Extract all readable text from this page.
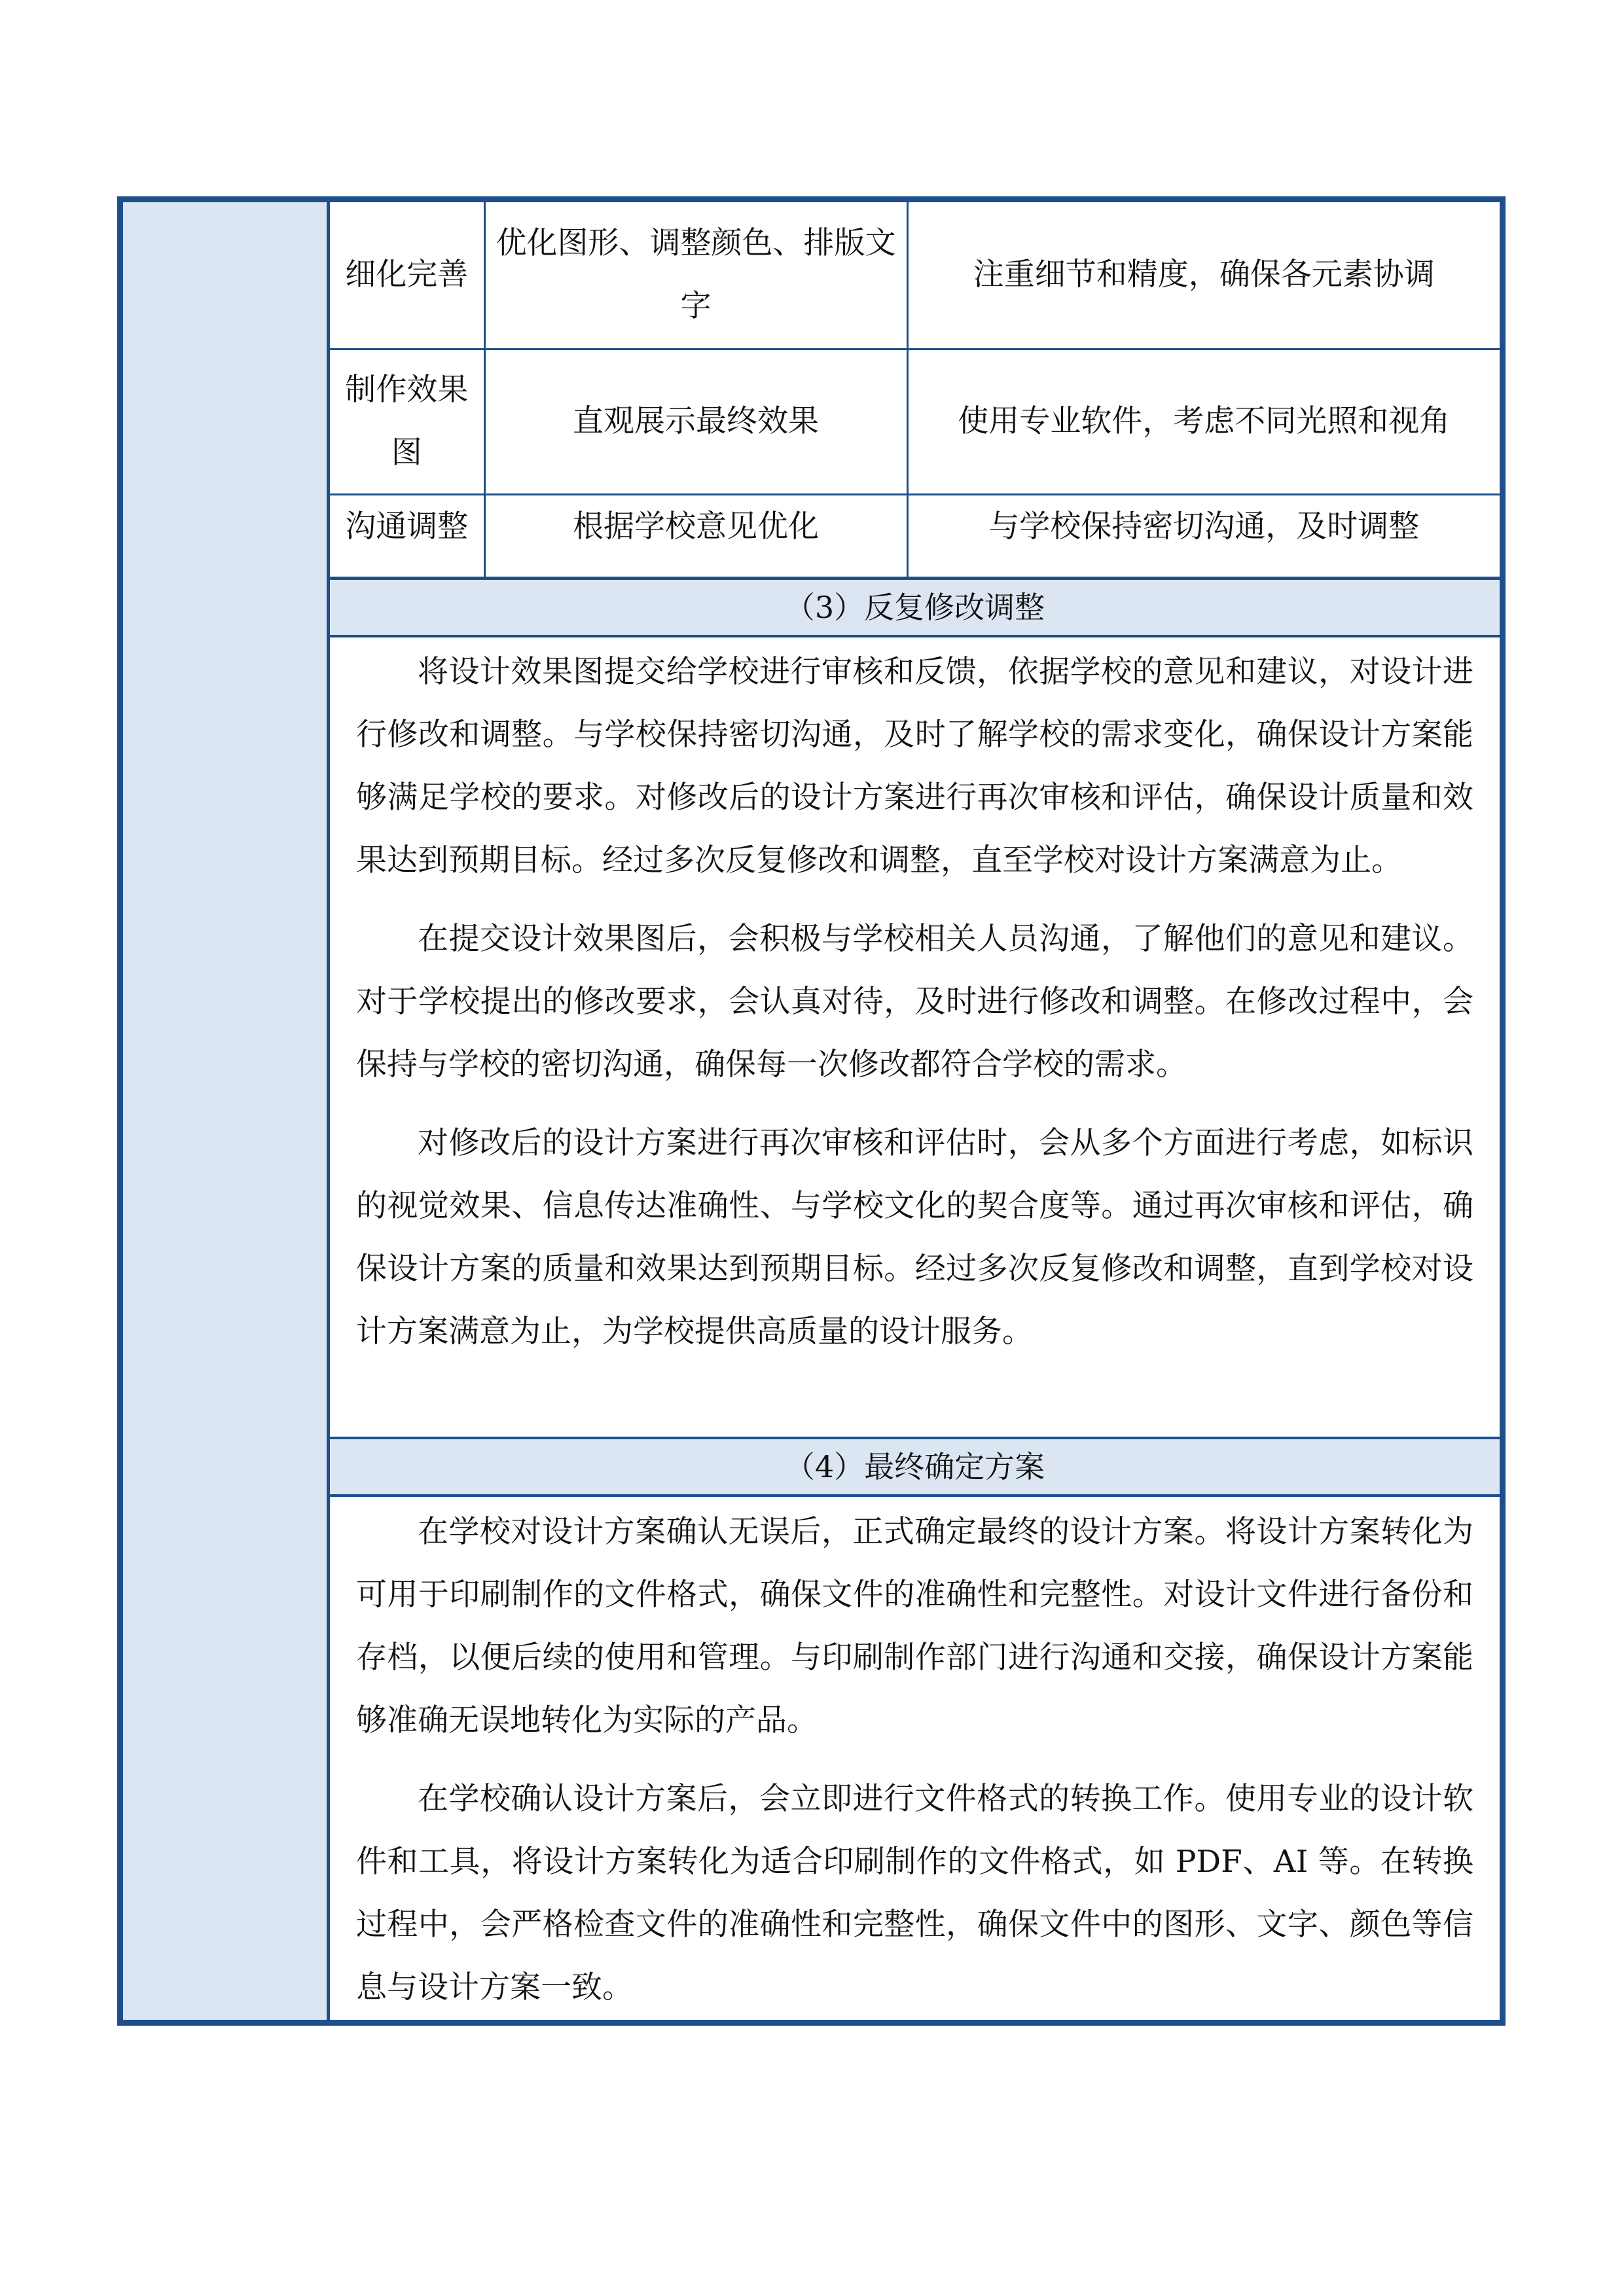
细化完善	优化图形、调整颜色、排版文字	注重细节和精度，确保各元素协调
制作效果图	直观展示最终效果	使用专业软件，考虑不同光照和视角
沟通调整	根据学校意见优化	与学校保持密切沟通，及时调整
（3）反复修改调整

将设计效果图提交给学校进行审核和反馈，依据学校的意见和建议，对设计进行修改和调整。与学校保持密切沟通，及时了解学校的需求变化，确保设计方案能够满足学校的要求。对修改后的设计方案进行再次审核和评估，确保设计质量和效果达到预期目标。经过多次反复修改和调整，直至学校对设计方案满意为止。

在提交设计效果图后，会积极与学校相关人员沟通，了解他们的意见和建议。对于学校提出的修改要求，会认真对待，及时进行修改和调整。在修改过程中，会保持与学校的密切沟通，确保每一次修改都符合学校的需求。

对修改后的设计方案进行再次审核和评估时，会从多个方面进行考虑，如标识的视觉效果、信息传达准确性、与学校文化的契合度等。通过再次审核和评估，确保设计方案的质量和效果达到预期目标。经过多次反复修改和调整，直到学校对设计方案满意为止，为学校提供高质量的设计服务。

（4）最终确定方案

在学校对设计方案确认无误后，正式确定最终的设计方案。将设计方案转化为可用于印刷制作的文件格式，确保文件的准确性和完整性。对设计文件进行备份和存档，以便后续的使用和管理。与印刷制作部门进行沟通和交接，确保设计方案能够准确无误地转化为实际的产品。

在学校确认设计方案后，会立即进行文件格式的转换工作。使用专业的设计软件和工具，将设计方案转化为适合印刷制作的文件格式，如 PDF、AI 等。在转换过程中，会严格检查文件的准确性和完整性，确保文件中的图形、文字、颜色等信息与设计方案一致。
